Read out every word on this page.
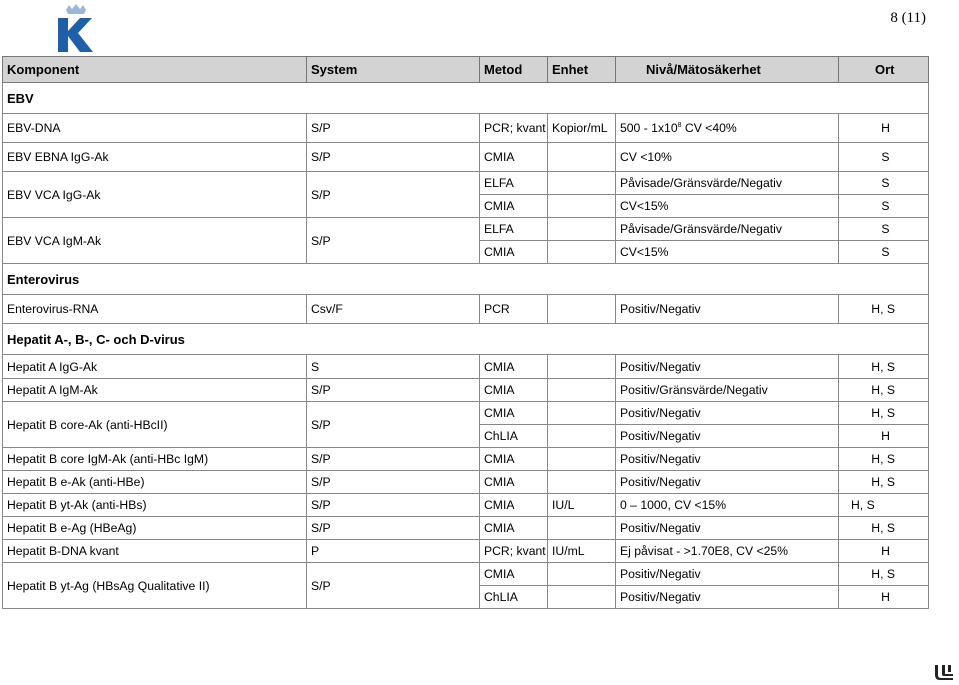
8 (11)
Komponent	System	Metod	Enhet	Nivå/Mätosäkerhet	Ort
EBV					
EBV-DNA	S/P	PCR; kvant	Kopior/mL	$500 - 1x10^8$ CV <40%	H
EBV EBNA IgG-Ak	S/P	CMIA		CV <10%	S
EBV VCA IgG-Ak	S/P	ELFA		Påvisade/Gränsvärde/Negativ	S
		CMIA		CV<15%	S
EBV VCA IgM-Ak	S/P	ELFA		Påvisade/Gränsvärde/Negativ	S
		CMIA		CV<15%	S
Enterovirus					
Enterovirus-RNA	Csv/F	PCR		Positiv/Negativ	H, S
Hepatit A-, B-, C- och D-virus					
Hepatit A IgG-Ak	S	CMIA		Positiv/Negativ	H, S
Hepatit A IgM-Ak	S/P	CMIA		Positiv/Gränsvärde/Negativ	H, S
Hepatit B core-Ak (anti-HBcII)	S/P	CMIA		Positiv/Negativ	H, S
		ChLIA		Positiv/Negativ	H
Hepatit B core IgM-Ak (anti-HBc IgM)	S/P	CMIA		Positiv/Negativ	H, S
Hepatit B e-Ak (anti-HBe)	S/P	CMIA		Positiv/Negativ	H, S
Hepatit B yt-Ak (anti-HBs)	S/P	CMIA	IU/L	0 – 1000, CV <15%	H, S
Hepatit B e-Ag (HBeAg)	S/P	CMIA		Positiv/Negativ	H, S
Hepatit B-DNA kvant	P	PCR; kvant	IU/mL	Ej påvisat - >1.70E8, CV <25%	H
Hepatit B yt-Ag (HBsAg Qualitative II)	S/P	CMIA		Positiv/Negativ	H, S
		ChLIA		Positiv/Negativ	H
